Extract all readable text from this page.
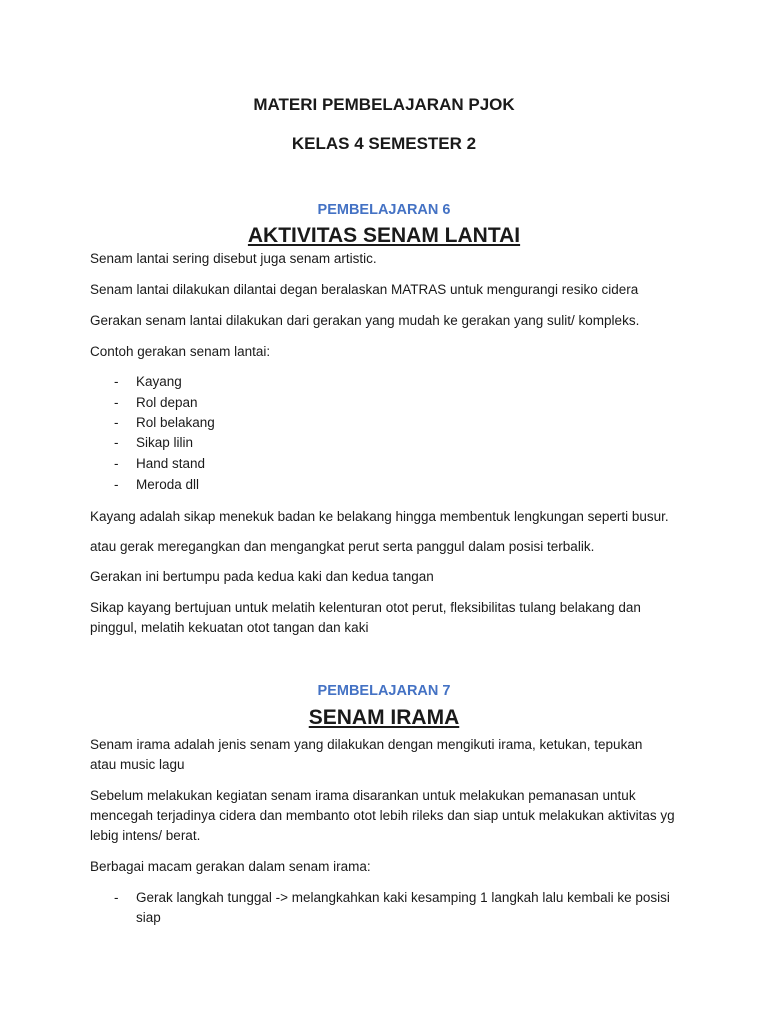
MATERI PEMBELAJARAN PJOK
KELAS 4 SEMESTER 2
PEMBELAJARAN 6
AKTIVITAS SENAM LANTAI
Senam lantai sering disebut juga senam artistic.
Senam lantai dilakukan dilantai degan beralaskan MATRAS untuk mengurangi resiko cidera
Gerakan senam lantai dilakukan dari gerakan yang mudah ke gerakan yang sulit/ kompleks.
Contoh gerakan senam lantai:
- Kayang
- Rol depan
- Rol belakang
- Sikap lilin
- Hand stand
- Meroda dll
Kayang adalah sikap menekuk badan ke belakang hingga membentuk lengkungan seperti busur.
atau gerak meregangkan dan mengangkat perut serta panggul dalam posisi terbalik.
Gerakan ini bertumpu pada kedua kaki dan kedua tangan
Sikap kayang bertujuan untuk melatih kelenturan otot perut, fleksibilitas tulang belakang dan pinggul, melatih kekuatan otot tangan dan kaki
PEMBELAJARAN 7
SENAM IRAMA
Senam irama adalah jenis senam yang dilakukan dengan mengikuti irama, ketukan, tepukan atau music lagu
Sebelum melakukan kegiatan senam irama disarankan untuk melakukan pemanasan untuk mencegah terjadinya cidera dan membanto otot lebih rileks dan siap untuk melakukan aktivitas yg lebig intens/ berat.
Berbagai macam gerakan dalam senam irama:
- Gerak langkah tunggal -> melangkahkan kaki kesamping 1 langkah lalu kembali ke posisi siap
